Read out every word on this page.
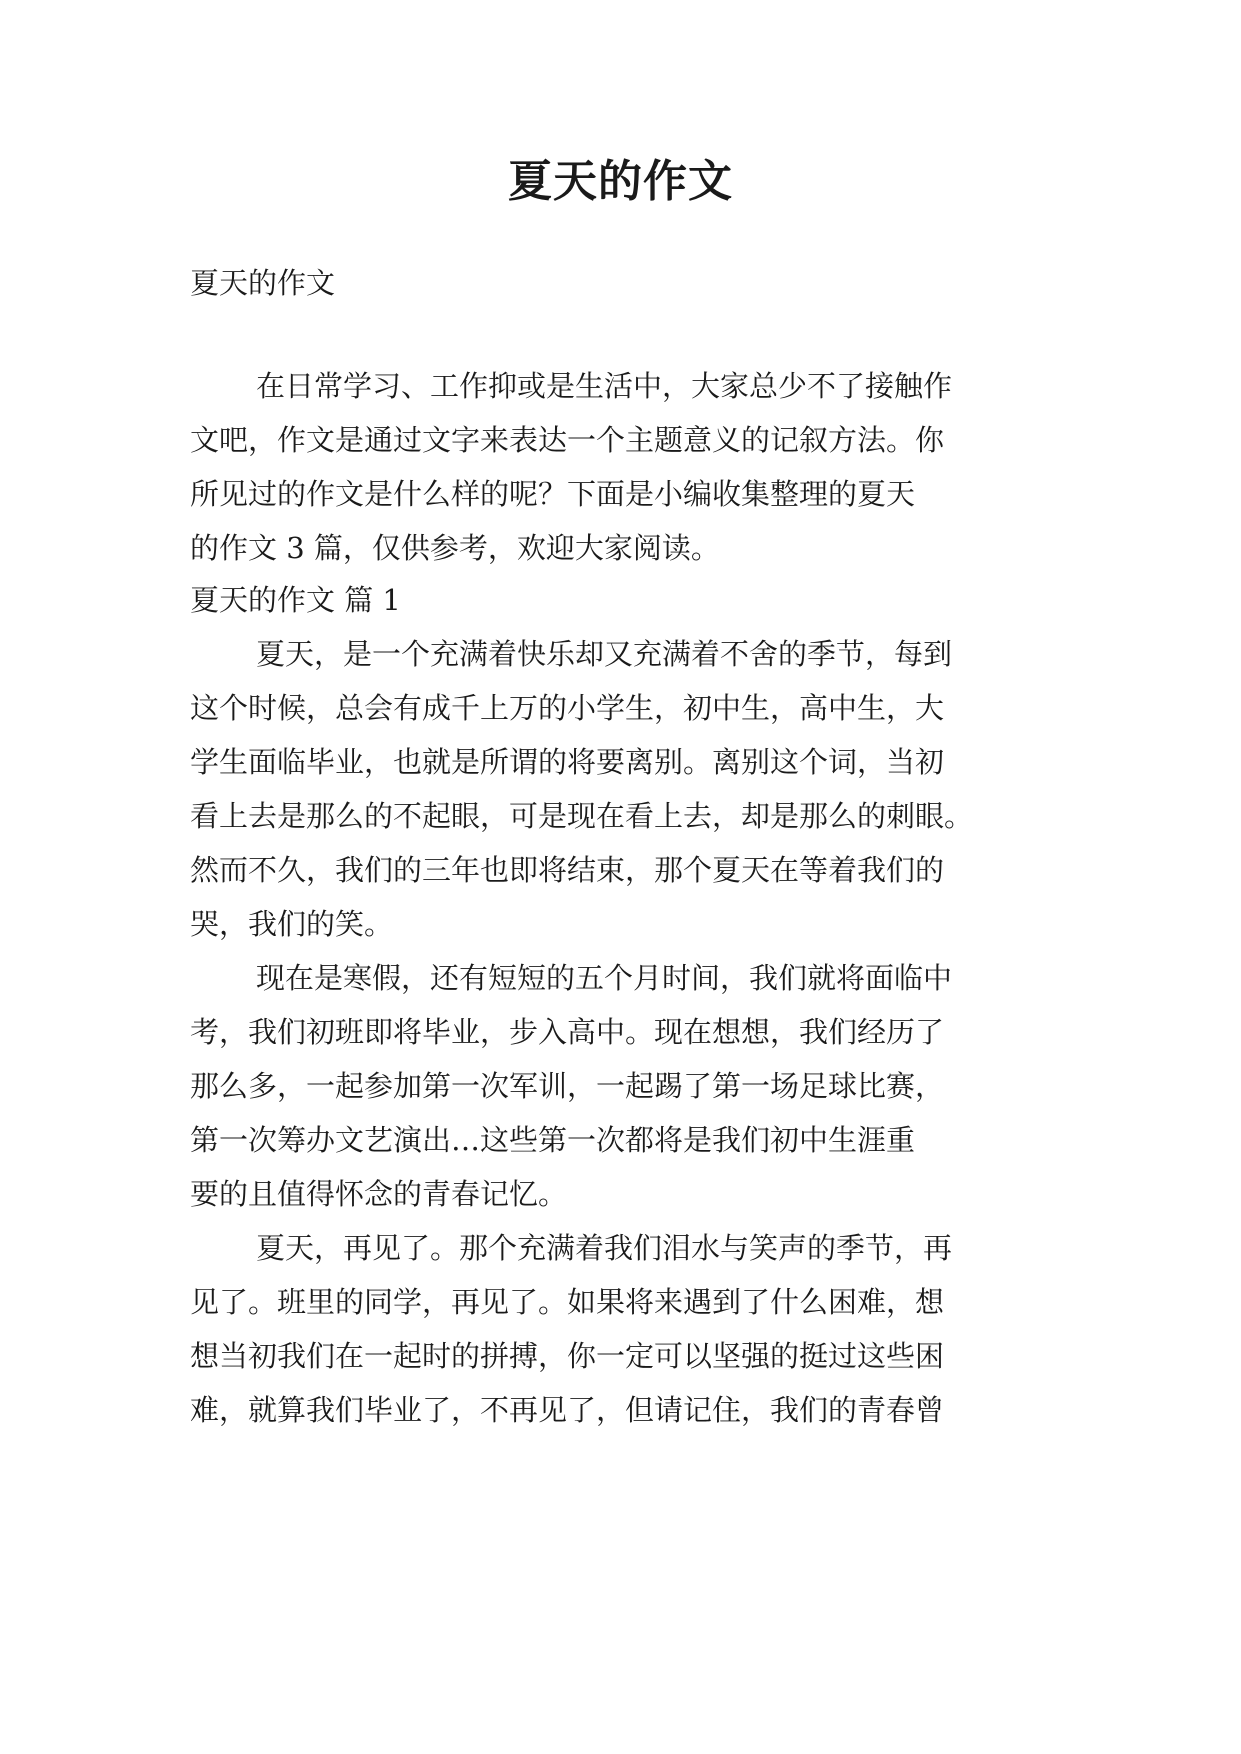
夏天的作文

夏天的作文

在日常学习、工作抑或是生活中，大家总少不了接触作

文吧，作文是通过文字来表达一个主题意义的记叙方法。你

所见过的作文是什么样的呢？下面是小编收集整理的夏天

的作文 3 篇，仅供参考，欢迎大家阅读。

夏天的作文 篇 1

夏天，是一个充满着快乐却又充满着不舍的季节，每到

这个时候，总会有成千上万的小学生，初中生，高中生，大

学生面临毕业，也就是所谓的将要离别。离别这个词，当初

看上去是那么的不起眼，可是现在看上去，却是那么的刺眼。

然而不久，我们的三年也即将结束，那个夏天在等着我们的

哭，我们的笑。

现在是寒假，还有短短的五个月时间，我们就将面临中

考，我们初班即将毕业，步入高中。现在想想，我们经历了

那么多，一起参加第一次军训，一起踢了第一场足球比赛，

第一次筹办文艺演出…这些第一次都将是我们初中生涯重

要的且值得怀念的青春记忆。

夏天，再见了。那个充满着我们泪水与笑声的季节，再

见了。班里的同学，再见了。如果将来遇到了什么困难，想

想当初我们在一起时的拼搏，你一定可以坚强的挺过这些困

难，就算我们毕业了，不再见了，但请记住，我们的青春曾
